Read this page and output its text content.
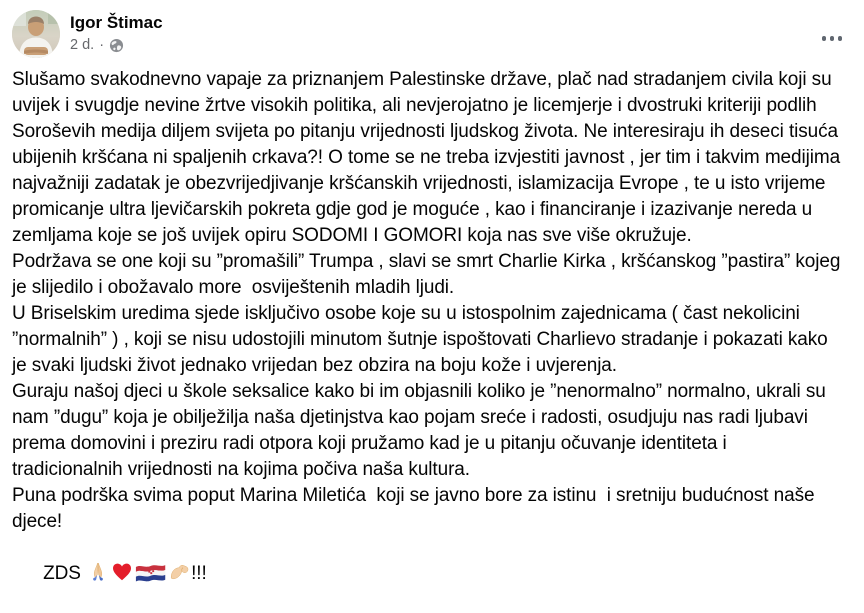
Igor Štimac
2 d. ·

Slušamo svakodnevno vapaje za priznanjem Palestinske države, plač nad stradanjem civila koji su uvijek i svugdje nevine žrtve visokih politika, ali nevjerojatno je licemjerje i dvostruki kriteriji podlih Soroševih medija diljem svijeta po pitanju vrijednosti ljudskog života. Ne interesiraju ih deseci tisuća ubijenih kršćana ni spaljenih crkava?! O tome se ne treba izvjestiti javnost , jer tim i takvim medijima najvažniji zadatak je obezvrijedjivanje kršćanskih vrijednosti, islamizacija Evrope , te u isto vrijeme promicanje ultra ljevičarskih pokreta gdje god je moguće , kao i financiranje i izazivanje nereda u zemljama koje se još uvijek opiru SODOMI I GOMORI koja nas sve više okružuje.

Podržava se one koji su ”promašili” Trumpa , slavi se smrt Charlie Kirka , kršćanskog ”pastira” kojeg je slijedilo i obožavalo more  osviještenih mladih ljudi.

U Briselskim uredima sjede isključivo osobe koje su u istospolnim zajednicama ( čast nekolicini ”normalnih” ) , koji se nisu udostojili minutom šutnje ispoštovati Charlievo stradanje i pokazati kako je svaki ljudski život jednako vrijedan bez obzira na boju kože i uvjerenja.

Guraju našoj djeci u škole seksalice kako bi im objasnili koliko je ”nenormalno” normalno, ukrali su nam ”dugu” koja je obilježilja naša djetinjstva kao pojam sreće i radosti, osudjuju nas radi ljubavi prema domovini i preziru radi otpora koji pružamo kad je u pitanju očuvanje identiteta i tradicionalnih vrijednosti na kojima počiva naša kultura.

Puna podrška svima poput Marina Miletića  koji se javno bore za istinu  i sretniju budućnost naše djece!

ZDS	!!!
